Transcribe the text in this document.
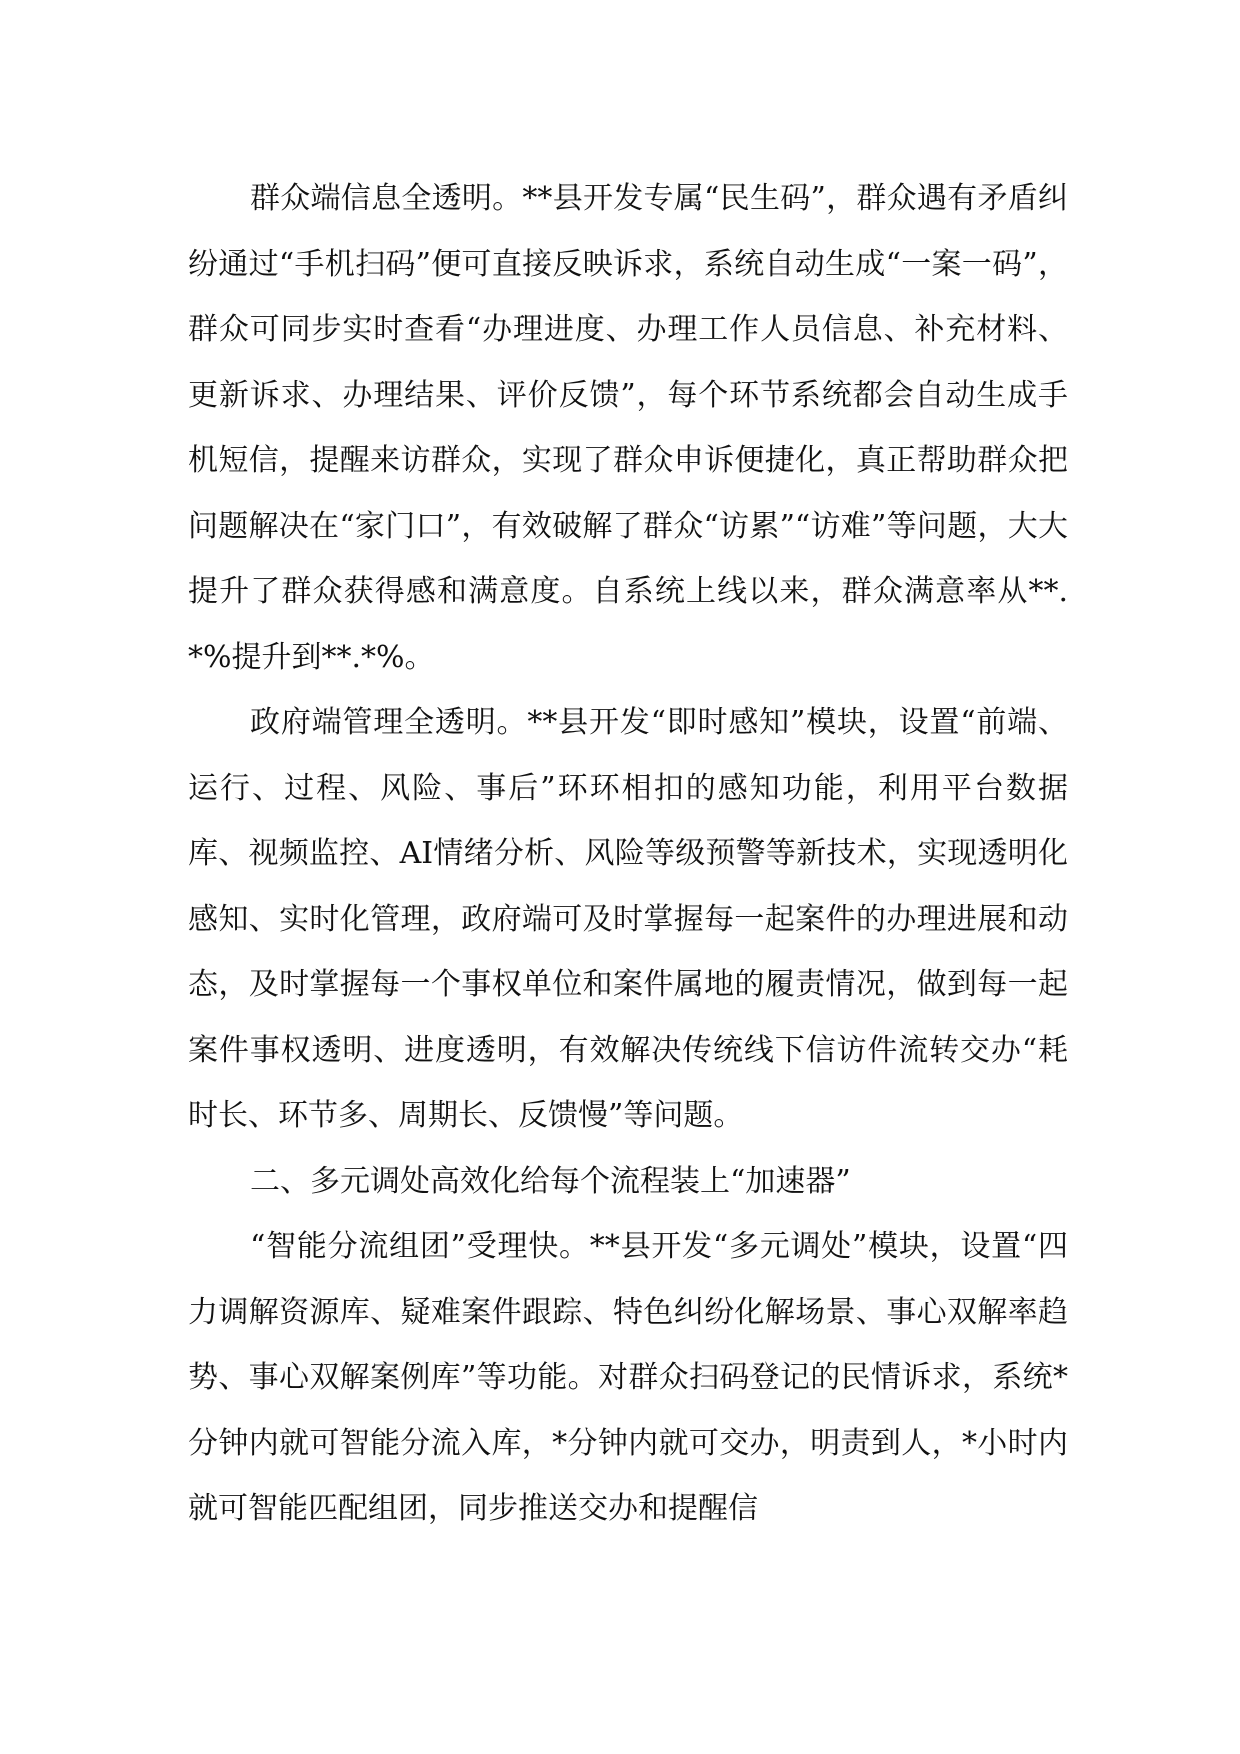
群众端信息全透明。**县开发专属“民生码”，群众遇有矛盾纠纷通过“手机扫码”便可直接反映诉求，系统自动生成“一案一码”，群众可同步实时查看“办理进度、办理工作人员信息、补充材料、更新诉求、办理结果、评价反馈”，每个环节系统都会自动生成手机短信，提醒来访群众，实现了群众申诉便捷化，真正帮助群众把问题解决在“家门口”，有效破解了群众“访累”“访难”等问题，大大提升了群众获得感和满意度。自系统上线以来，群众满意率从**.*%提升到**.*%。

政府端管理全透明。**县开发“即时感知”模块，设置“前端、运行、过程、风险、事后”环环相扣的感知功能，利用平台数据库、视频监控、AI情绪分析、风险等级预警等新技术，实现透明化感知、实时化管理，政府端可及时掌握每一起案件的办理进展和动态，及时掌握每一个事权单位和案件属地的履责情况，做到每一起案件事权透明、进度透明，有效解决传统线下信访件流转交办“耗时长、环节多、周期长、反馈慢”等问题。

二、多元调处高效化给每个流程装上“加速器”

“智能分流组团”受理快。**县开发“多元调处”模块，设置“四力调解资源库、疑难案件跟踪、特色纠纷化解场景、事心双解率趋势、事心双解案例库”等功能。对群众扫码登记的民情诉求，系统*分钟内就可智能分流入库，*分钟内就可交办，明责到人，*小时内就可智能匹配组团，同步推送交办和提醒信
